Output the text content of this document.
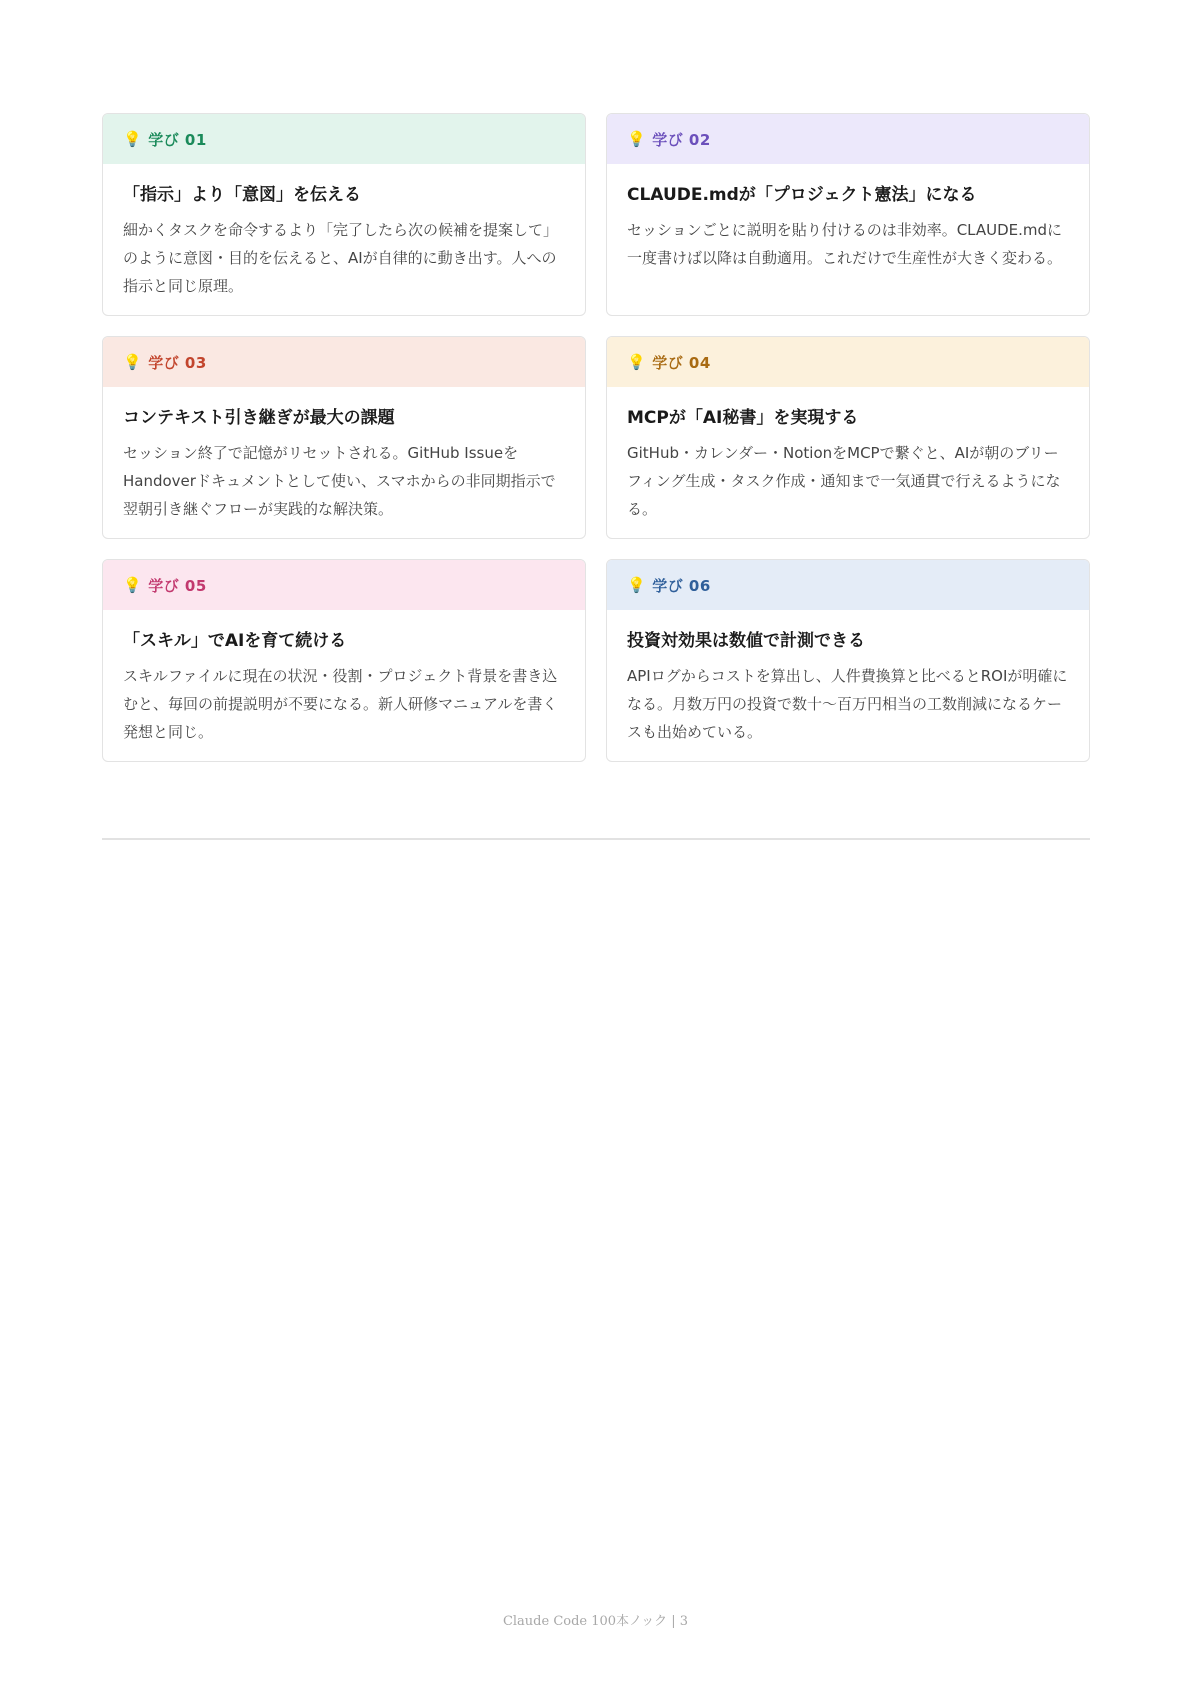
💡 学び 01

「指示」より「意図」を伝える

細かくタスクを命令するより「完了したら次の候補を提案して」のように意図・目的を伝えると、AIが自律的に動き出す。人への指示と同じ原理。

💡 学び 02

CLAUDE.mdが「プロジェクト憲法」になる

セッションごとに説明を貼り付けるのは非効率。CLAUDE.mdに一度書けば以降は自動適用。これだけで生産性が大きく変わる。

💡 学び 03

コンテキスト引き継ぎが最大の課題

セッション終了で記憶がリセットされる。GitHub IssueをHandoverドキュメントとして使い、スマホからの非同期指示で翌朝引き継ぐフローが実践的な解決策。

💡 学び 04

MCPが「AI秘書」を実現する

GitHub・カレンダー・NotionをMCPで繋ぐと、AIが朝のブリーフィング生成・タスク作成・通知まで一気通貫で行えるようになる。

💡 学び 05

「スキル」でAIを育て続ける

スキルファイルに現在の状況・役割・プロジェクト背景を書き込むと、毎回の前提説明が不要になる。新人研修マニュアルを書く発想と同じ。

💡 学び 06

投資対効果は数値で計測できる

APIログからコストを算出し、人件費換算と比べるとROIが明確になる。月数万円の投資で数十〜百万円相当の工数削減になるケースも出始めている。

Claude Code 100本ノック | 3
